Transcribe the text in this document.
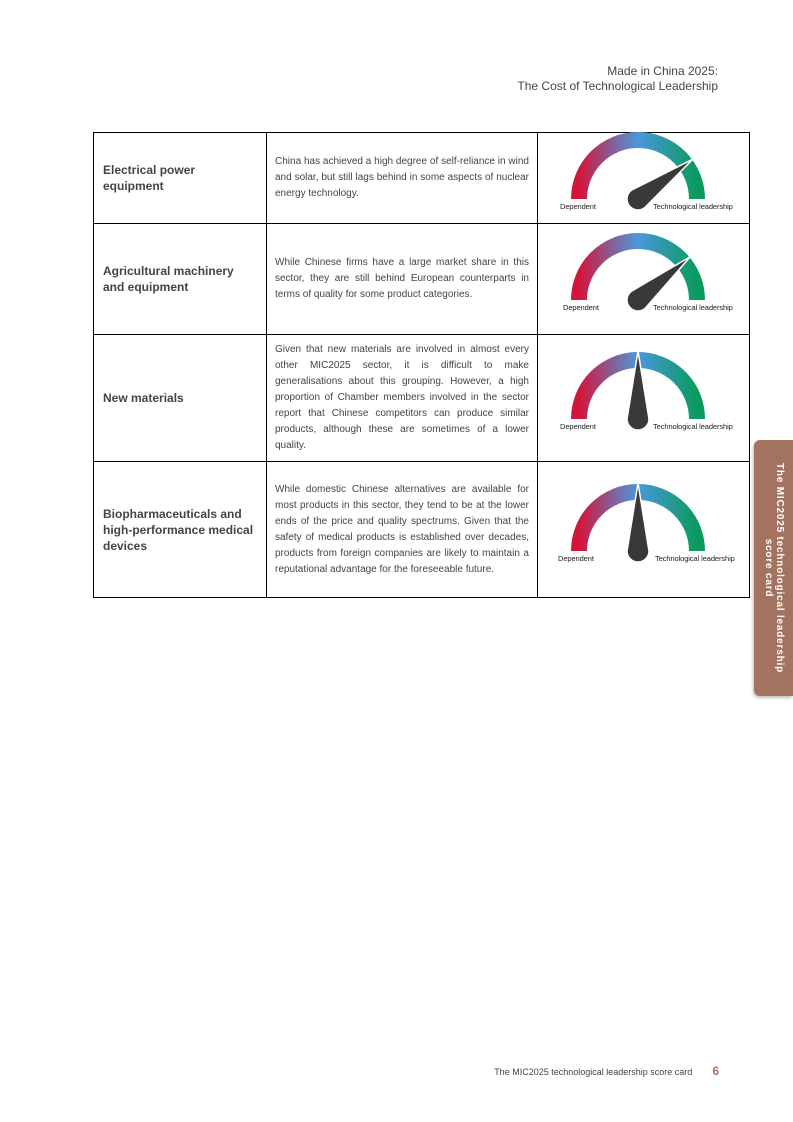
Made in China 2025:
The Cost of Technological Leadership
Electrical power equipment	China has achieved a high degree of self-reliance in wind and solar, but still lags behind in some aspects of nuclear energy technology.	Dependent Technological leadership

Agricultural machinery and equipment	While Chinese firms have a large market share in this sector, they are still behind European counterparts in terms of quality for some product categories.	Dependent Technological leadership

New materials	Given that new materials are involved in almost every other MIC2025 sector, it is difficult to make generalisations about this grouping. However, a high proportion of Chamber members involved in the sector report that Chinese competitors can produce similar products, although these are sometimes of a lower quality.	Dependent Technological leadership

Biopharmaceuticals and high-performance medical devices	While domestic Chinese alternatives are available for most products in this sector, they tend to be at the lower ends of the price and quality spectrums. Given that the safety of medical products is established over decades, products from foreign companies are likely to maintain a reputational advantage for the foreseeable future.	Dependent Technological leadership	The MIC2025 technological leadership score card
The MIC2025 technological leadership score card 6
